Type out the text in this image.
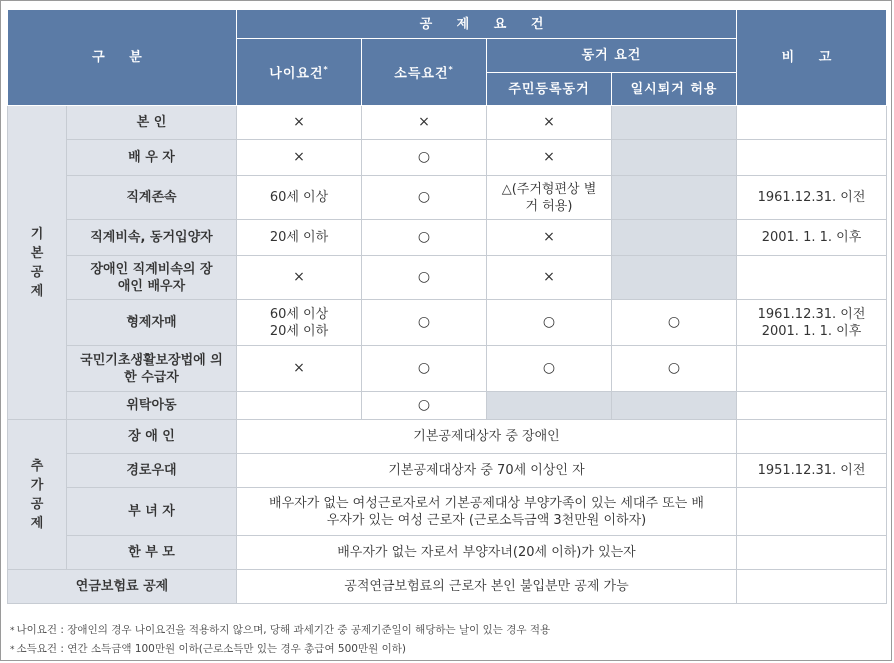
구 분		공 제 요 건				비 고
		나이요건*	소득요건*	동거 요건		
				주민등록동거	일시퇴거 허용	
기본공제	본 인	×	×	×		
	배 우 자	×	○	×		
	직계존속	60세 이상	○	△(주거형편상 별거 허용)		1961.12.31. 이전
	직계비속, 동거입양자	20세 이하	○	×		2001. 1. 1. 이후
	장애인 직계비속의 장애인 배우자	×	○	×		
	형제자매	60세 이상 20세 이하	○	○	○	1961.12.31. 이전 2001. 1. 1. 이후
	국민기초생활보장법에 의한 수급자	×	○	○	○	
	위탁아동		○			
추가공제	장 애 인	기본공제대상자 중 장애인				
	경로우대	기본공제대상자 중 70세 이상인 자				1951.12.31. 이전
	부 녀 자	배우자가 없는 여성근로자로서 기본공제대상 부양가족이 있는 세대주 또는 배우자가 있는 여성 근로자 (근로소득금액 3천만원 이하자)				
	한 부 모	배우자가 없는 자로서 부양자녀(20세 이하)가 있는자				
연금보험료 공제		공적연금보험료의 근로자 본인 불입분만 공제 가능				
* 나이요건 : 장애인의 경우 나이요건을 적용하지 않으며, 당해 과세기간 중 공제기준일이 해당하는 날이 있는 경우 적용
* 소득요건 : 연간 소득금액 100만원 이하(근로소득만 있는 경우 총급여 500만원 이하)
